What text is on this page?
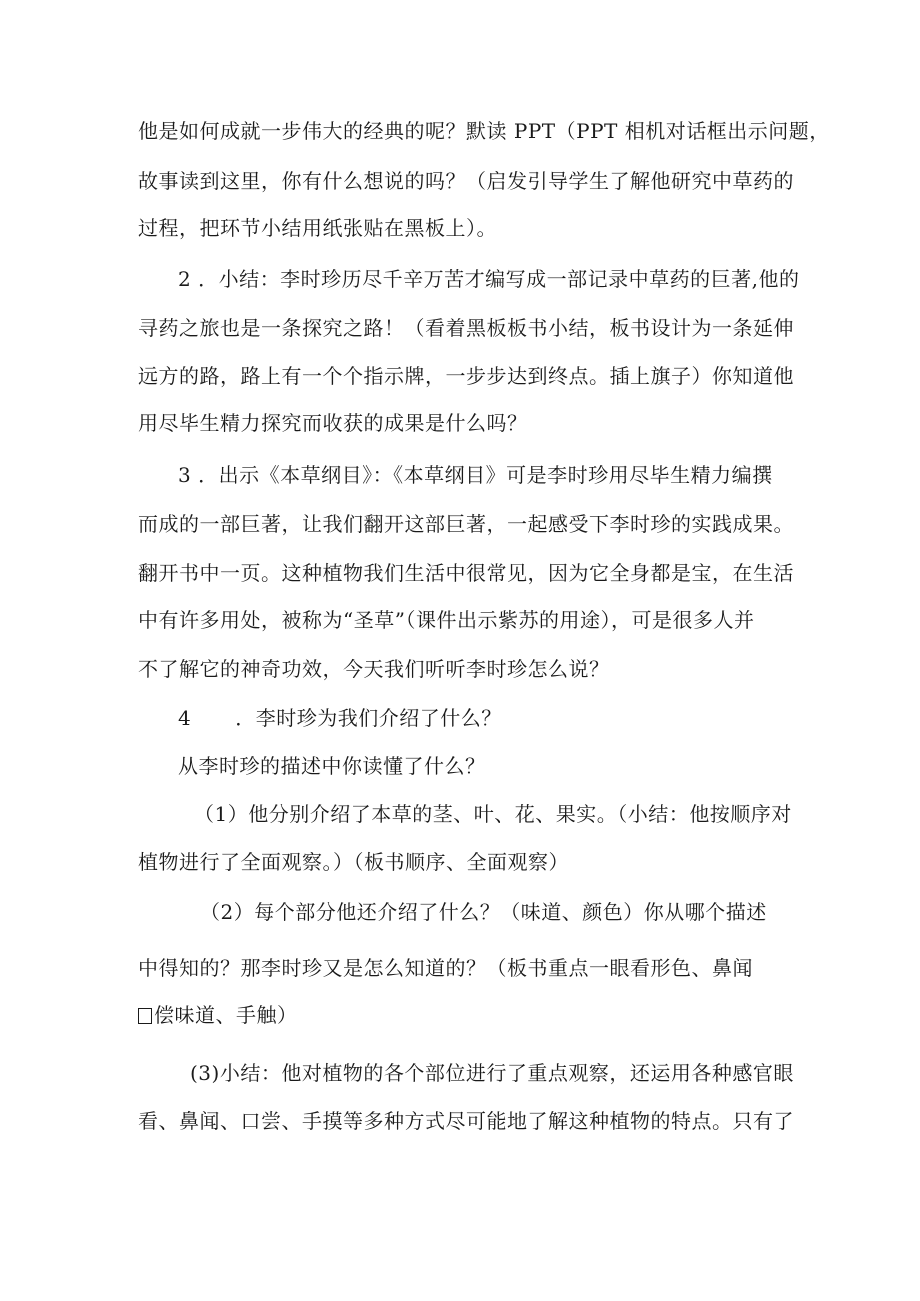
他是如何成就一步伟大的经典的呢？默读 PPT（PPT 相机对话框出示问题，
故事读到这里，你有什么想说的吗？（启发引导学生了解他研究中草药的
过程，把环节小结用纸张贴在黑板上）。
2 ．小结：李时珍历尽千辛万苦才编写成一部记录中草药的巨著,他的
寻药之旅也是一条探究之路！（看着黑板板书小结，板书设计为一条延伸
远方的路，路上有一个个指示牌，一步步达到终点。插上旗子）你知道他
用尽毕生精力探究而收获的成果是什么吗？
3 ．出示《本草纲目》：《本草纲目》可是李时珍用尽毕生精力编撰
而成的一部巨著，让我们翻开这部巨著，一起感受下李时珍的实践成果。
翻开书中一页。这种植物我们生活中很常见，因为它全身都是宝，在生活
中有许多用处，被称为“圣草”（课件出示紫苏的用途），可是很多人并
不了解它的神奇功效，今天我们听听李时珍怎么说？
4 ．李时珍为我们介绍了什么？
从李时珍的描述中你读懂了什么？
（1）他分别介绍了本草的茎、叶、花、果实。（小结：他按顺序对
植物进行了全面观察。）（板书顺序、全面观察）
（2）每个部分他还介绍了什么？（味道、颜色）你从哪个描述
中得知的？那李时珍又是怎么知道的？（板书重点一眼看形色、鼻闻
偿味道、手触）
(3)小结：他对植物的各个部位进行了重点观察，还运用各种感官眼
看、鼻闻、口尝、手摸等多种方式尽可能地了解这种植物的特点。只有了
